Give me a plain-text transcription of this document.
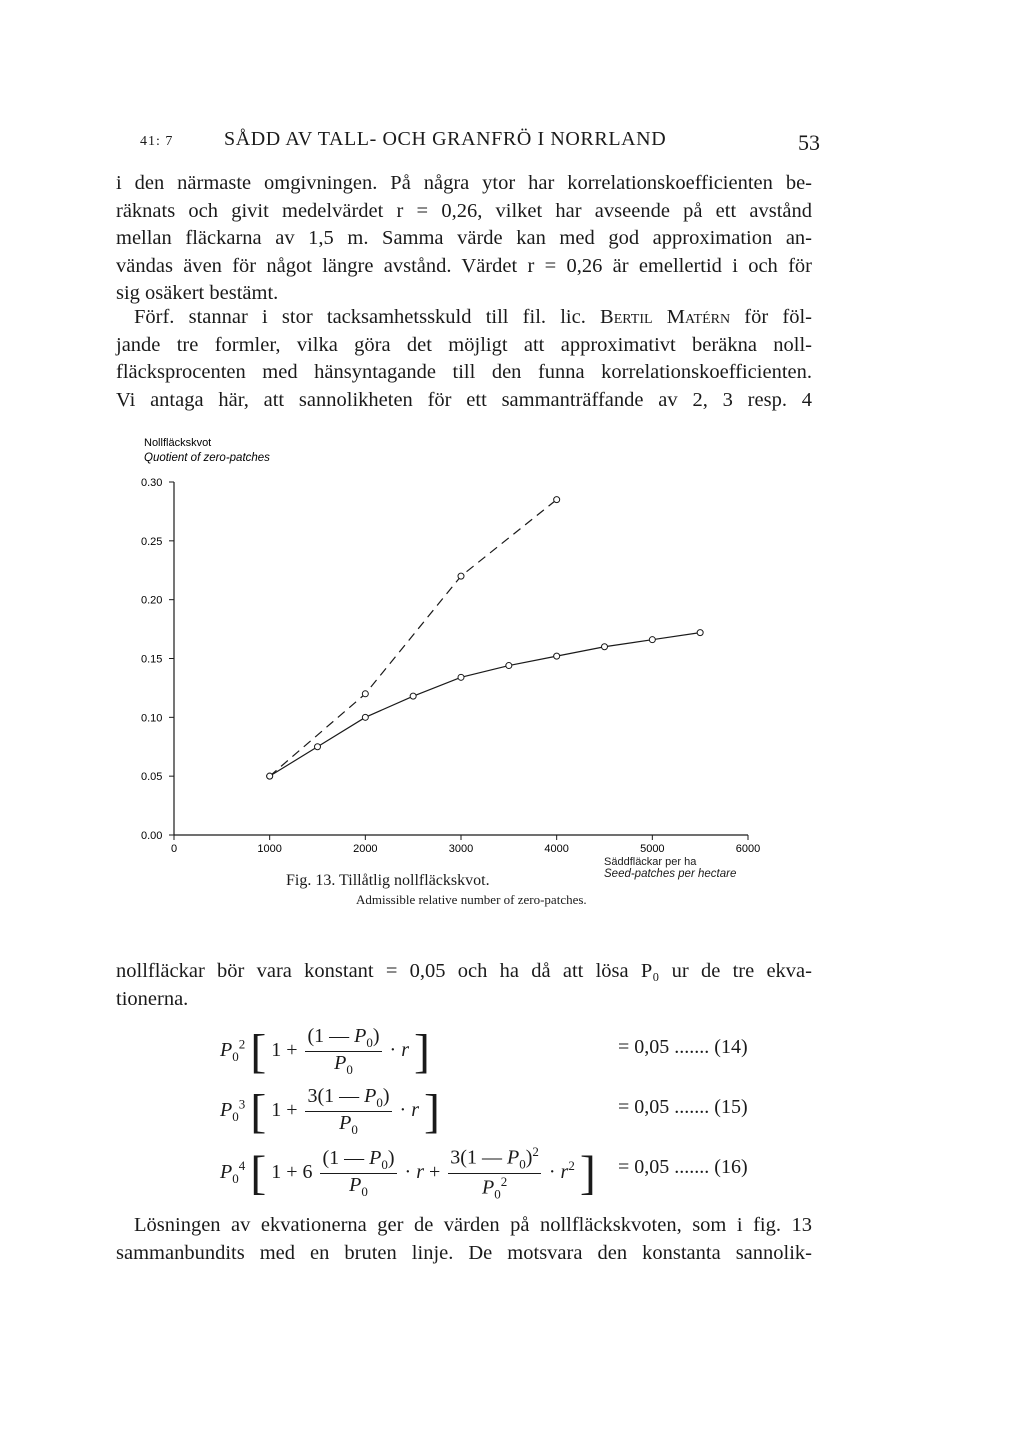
41: 7	SÅDD AV TALL- OCH GRANFRÖ I NORRLAND	53

i den närmaste omgivningen. På några ytor har korrelationskoefficienten be-
räknats och givit medelvärdet r = 0,26, vilket har avseende på ett avstånd
mellan fläckarna av 1,5 m. Samma värde kan med god approximation an-
vändas även för något längre avstånd. Värdet r = 0,26 är emellertid i och för
sig osäkert bestämt.

Förf. stannar i stor tacksamhetsskuld till fil. lic. Bertil Matérn för föl-
jande tre formler, vilka göra det möjligt att approximativt beräkna noll-
fläcksprocenten med hänsyntagande till den funna korrelationskoefficienten.
Vi antaga här, att sannolikheten för ett sammanträffande av 2, 3 resp. 4

Nollfläckskvot
Quotient of zero-patches
0.00
0.05
0.10
0.15
0.20
0.25
0.30
0	1000	2000	3000	4000	5000	6000
Säddfläckar per ha
Seed-patches per hectare
Fig. 13. Tillåtlig nollfläckskvot.
Admissible relative number of zero-patches.

nollfläckar bör vara konstant = 0,05 och ha då att lösa P₀ ur de tre ekva-
tionerna.

$P_0^2$ [ $1 + \frac{(1 — P_0)}{P_0} \cdot r$ ]	= 0,05 ....... (14)
$P_0^3$ [ $1 + \frac{3(1 — P_0)}{P_0} \cdot r$ ]	= 0,05 ....... (15)
$P_0^4$ [ $1 + 6 \frac{(1 — P_0)}{P_0} \cdot r + \frac{3(1 — P_0)^2}{P_0^2} \cdot r^2$ ] = 0,05 ....... (16)

Lösningen av ekvationerna ger de värden på nollfläckskvoten, som i fig. 13
sammanbundits med en bruten linje. De motsvara den konstanta sannolik-
